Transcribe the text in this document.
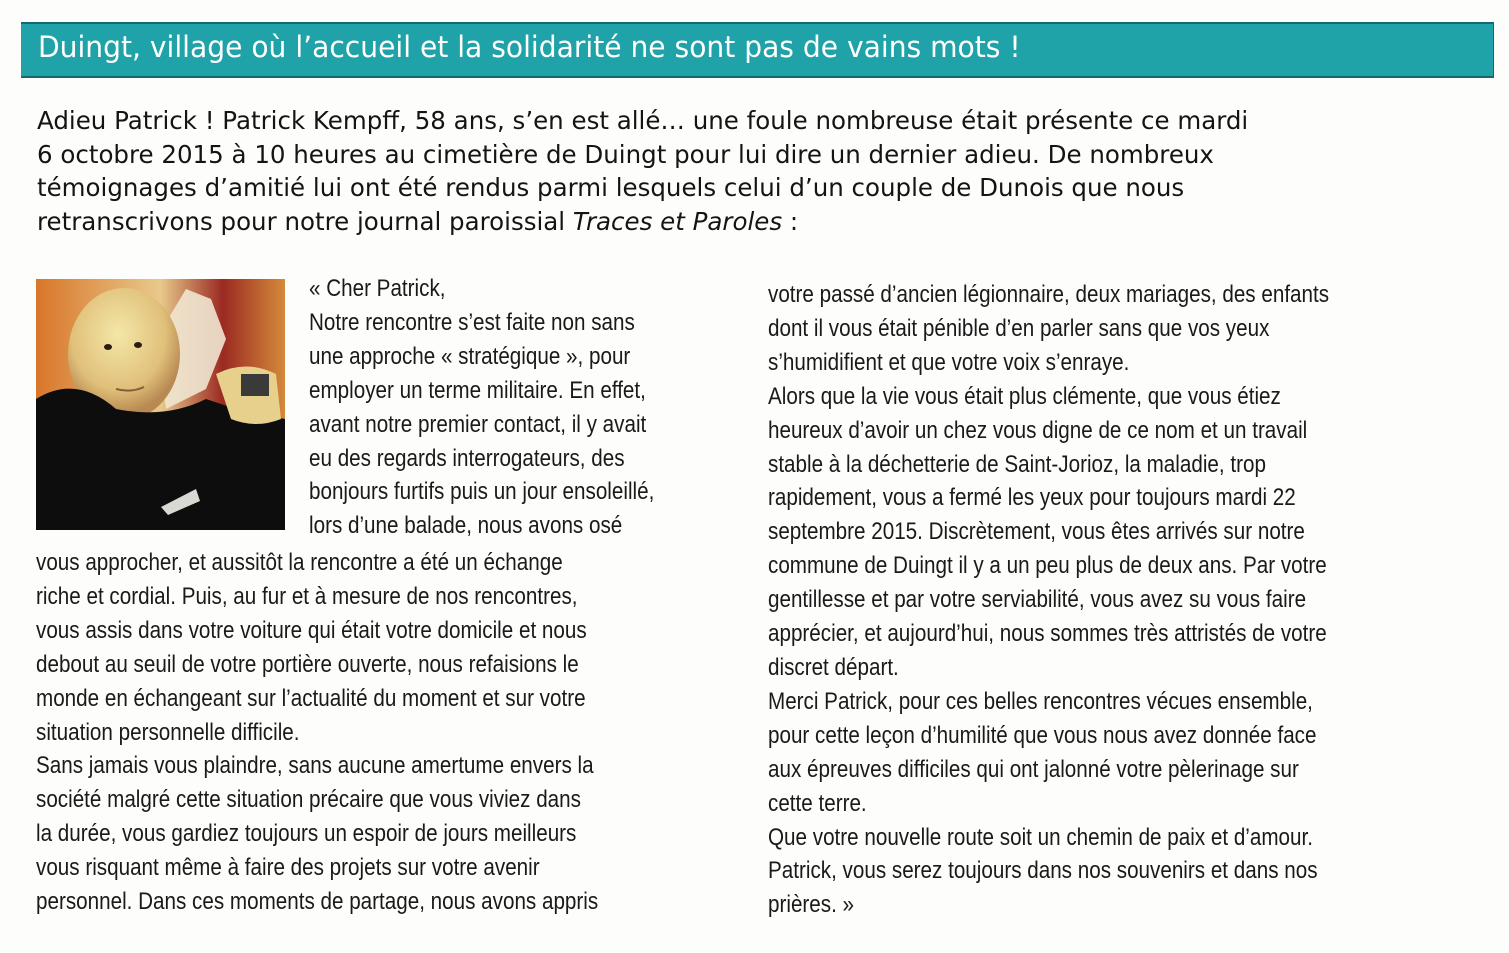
Duingt, village où l’accueil et la solidarité ne sont pas de vains mots !
Adieu Patrick ! Patrick Kempff, 58 ans, s’en est allé… une foule nombreuse était présente ce mardi
6 octobre 2015 à 10 heures au cimetière de Duingt pour lui dire un dernier adieu. De nombreux
témoignages d’amitié lui ont été rendus parmi lesquels celui d’un couple de Dunois que nous
retranscrivons pour notre journal paroissial Traces et Paroles :
« Cher Patrick,
Notre rencontre s’est faite non sans
une approche « stratégique », pour
employer un terme militaire. En effet,
avant notre premier contact, il y avait
eu des regards interrogateurs, des
bonjours furtifs puis un jour ensoleillé,
lors d’une balade, nous avons osé
vous approcher, et aussitôt la rencontre a été un échange
riche et cordial. Puis, au fur et à mesure de nos rencontres,
vous assis dans votre voiture qui était votre domicile et nous
debout au seuil de votre portière ouverte, nous refaisions le
monde en échangeant sur l’actualité du moment et sur votre
situation personnelle difficile.
Sans jamais vous plaindre, sans aucune amertume envers la
société malgré cette situation précaire que vous viviez dans
la durée, vous gardiez toujours un espoir de jours meilleurs
vous risquant même à faire des projets sur votre avenir
personnel. Dans ces moments de partage, nous avons appris
votre passé d’ancien légionnaire, deux mariages, des enfants
dont il vous était pénible d’en parler sans que vos yeux
s’humidifient et que votre voix s’enraye.
Alors que la vie vous était plus clémente, que vous étiez
heureux d’avoir un chez vous digne de ce nom et un travail
stable à la déchetterie de Saint-Jorioz, la maladie, trop
rapidement, vous a fermé les yeux pour toujours mardi 22
septembre 2015. Discrètement, vous êtes arrivés sur notre
commune de Duingt il y a un peu plus de deux ans. Par votre
gentillesse et par votre serviabilité, vous avez su vous faire
apprécier, et aujourd’hui, nous sommes très attristés de votre
discret départ.
Merci Patrick, pour ces belles rencontres vécues ensemble,
pour cette leçon d’humilité que vous nous avez donnée face
aux épreuves difficiles qui ont jalonné votre pèlerinage sur
cette terre.
Que votre nouvelle route soit un chemin de paix et d’amour.
Patrick, vous serez toujours dans nos souvenirs et dans nos
prières. »
